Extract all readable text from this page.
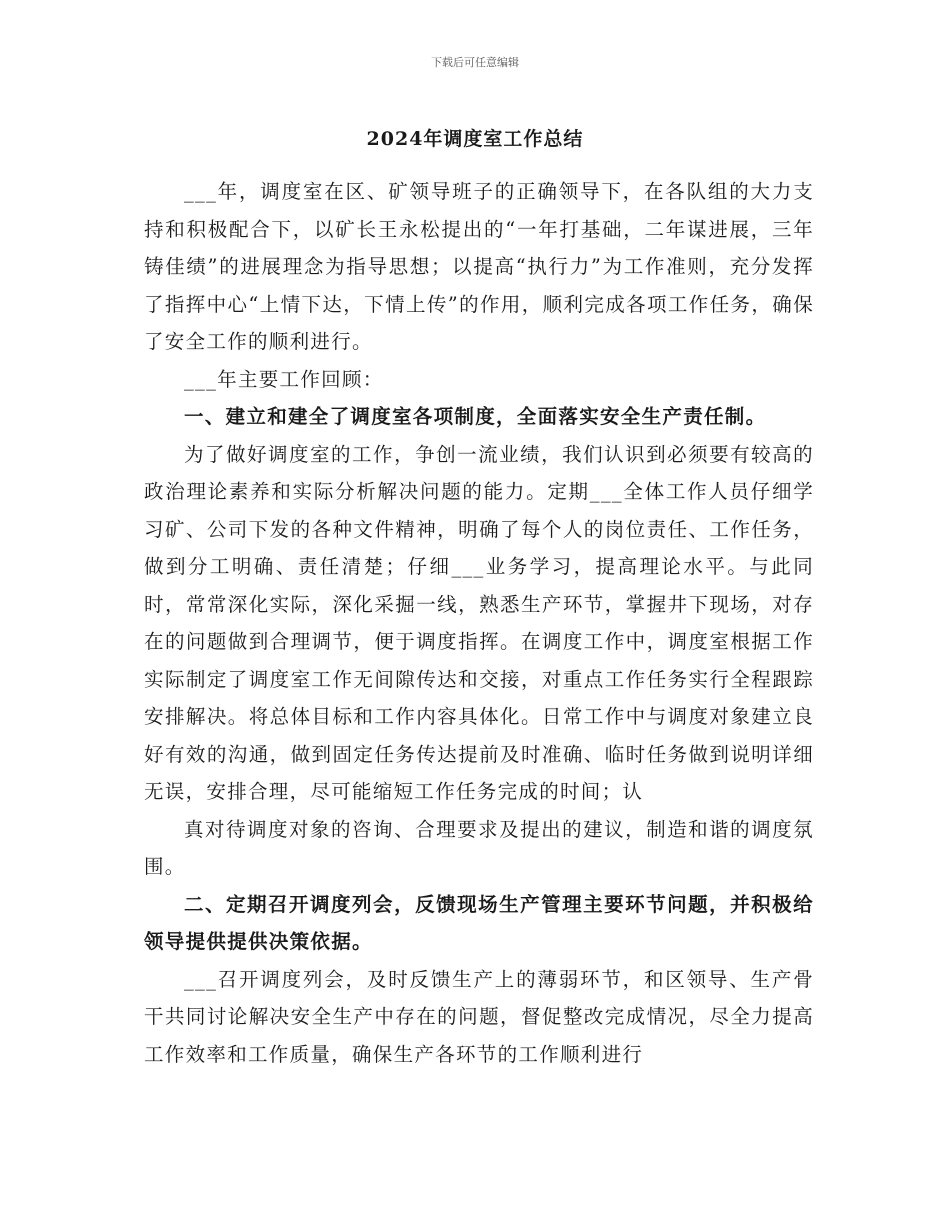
下载后可任意编辑
2024年调度室工作总结

___年，调度室在区、矿领导班子的正确领导下，在各队组的大力支持和积极配合下，以矿长王永松提出的“一年打基础，二年谋进展，三年铸佳绩”的进展理念为指导思想；以提高“执行力”为工作准则，充分发挥了指挥中心“上情下达，下情上传”的作用，顺利完成各项工作任务，确保了安全工作的顺利进行。

___年主要工作回顾：

一、建立和建全了调度室各项制度，全面落实安全生产责任制。

为了做好调度室的工作，争创一流业绩，我们认识到必须要有较高的政治理论素养和实际分析解决问题的能力。定期___全体工作人员仔细学习矿、公司下发的各种文件精神，明确了每个人的岗位责任、工作任务，做到分工明确、责任清楚；仔细___业务学习，提高理论水平。与此同时，常常深化实际，深化采掘一线，熟悉生产环节，掌握井下现场，对存在的问题做到合理调节，便于调度指挥。在调度工作中，调度室根据工作实际制定了调度室工作无间隙传达和交接，对重点工作任务实行全程跟踪安排解决。将总体目标和工作内容具体化。日常工作中与调度对象建立良好有效的沟通，做到固定任务传达提前及时准确、临时任务做到说明详细无误，安排合理，尽可能缩短工作任务完成的时间；认

真对待调度对象的咨询、合理要求及提出的建议，制造和谐的调度氛围。

二、定期召开调度列会，反馈现场生产管理主要环节问题，并积极给领导提供提供决策依据。

___召开调度列会，及时反馈生产上的薄弱环节，和区领导、生产骨干共同讨论解决安全生产中存在的问题，督促整改完成情况，尽全力提高工作效率和工作质量，确保生产各环节的工作顺利进行
